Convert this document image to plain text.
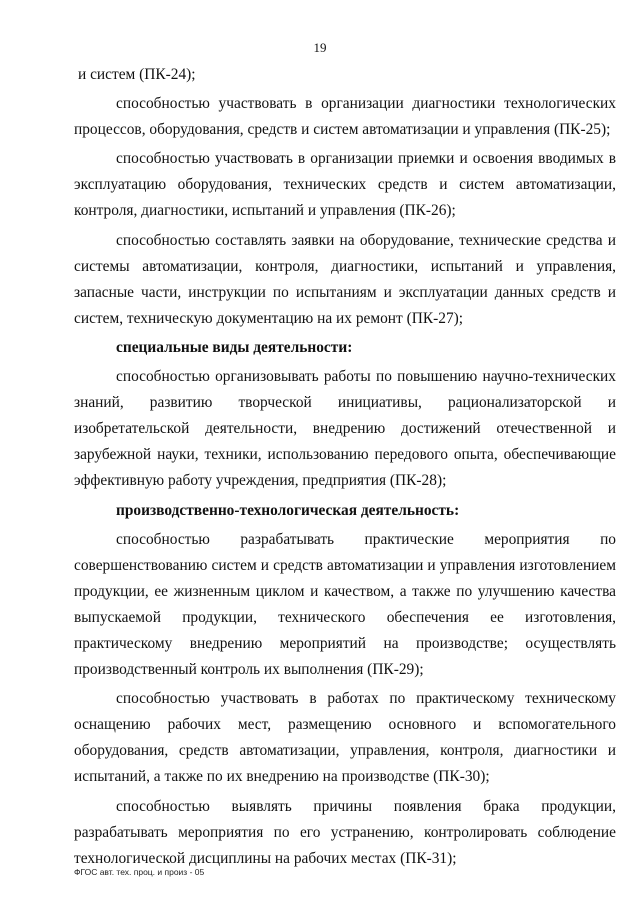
19

и систем (ПК-24);

способностью участвовать в организации диагностики технологических процессов, оборудования, средств и систем автоматизации и управления (ПК-25);

способностью участвовать в организации приемки и освоения вводимых в эксплуатацию оборудования, технических средств и систем автоматизации, контроля, диагностики, испытаний и управления (ПК-26);

способностью составлять заявки на оборудование, технические средства и системы автоматизации, контроля, диагностики, испытаний и управления, запасные части, инструкции по испытаниям и эксплуатации данных средств и систем, техническую документацию на их ремонт (ПК-27);

специальные виды деятельности:

способностью организовывать работы по повышению научно-технических знаний, развитию творческой инициативы, рационализаторской и изобретательской деятельности, внедрению достижений отечественной и зарубежной науки, техники, использованию передового опыта, обеспечивающие эффективную работу учреждения, предприятия (ПК-28);

производственно-технологическая деятельность:

способностью разрабатывать практические мероприятия по совершенствованию систем и средств автоматизации и управления изготовлением продукции, ее жизненным циклом и качеством, а также по улучшению качества выпускаемой продукции, технического обеспечения ее изготовления, практическому внедрению мероприятий на производстве; осуществлять производственный контроль их выполнения (ПК-29);

способностью участвовать в работах по практическому техническому оснащению рабочих мест, размещению основного и вспомогательного оборудования, средств автоматизации, управления, контроля, диагностики и испытаний, а также по их внедрению на производстве (ПК-30);

способностью выявлять причины появления брака продукции, разрабатывать мероприятия по его устранению, контролировать соблюдение технологической дисциплины на рабочих местах (ПК-31);

ФГОС авт. тех. проц. и произ - 05
